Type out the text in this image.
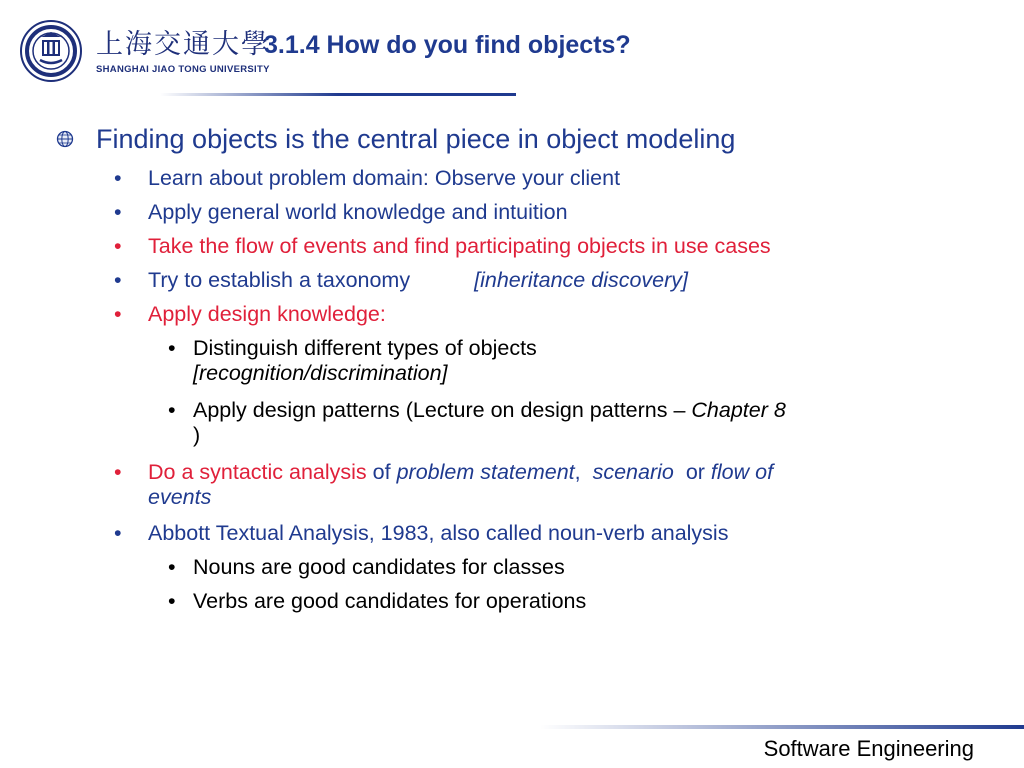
上海交通大學
SHANGHAI JIAO TONG UNIVERSITY
3.1.4 How do you find objects?
Finding objects is the central piece in object modeling
•	Learn about problem domain: Observe your client
•	Apply general world knowledge and intuition
•	Take the flow of events and find participating objects in use cases
•	Try to establish a taxonomy	[inheritance discovery]
•	Apply design knowledge:
• Distinguish different types of objects
[recognition/discrimination]
• Apply design patterns (Lecture on design patterns – Chapter 8
)
•	Do a syntactic analysis of problem statement, scenario or flow of
events
•	Abbott Textual Analysis, 1983, also called noun-verb analysis
• Nouns are good candidates for classes
• Verbs are good candidates for operations
Software Engineering
